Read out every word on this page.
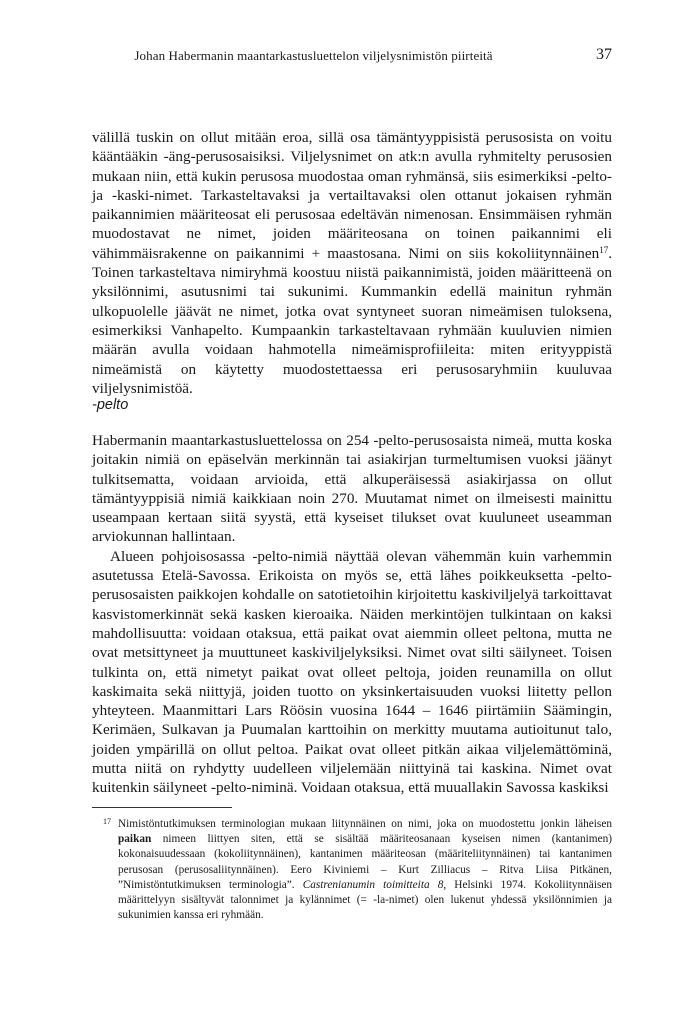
Johan Habermanin maantarkastusluettelon viljelysnimistön piirteitä	37

välillä tuskin on ollut mitään eroa, sillä osa tämäntyyppisistä perusosista on voitu kääntääkin -äng-perusosaisiksi. Viljelysnimet on atk:n avulla ryhmitelty perusosien mukaan niin, että kukin perusosa muodostaa oman ryhmänsä, siis esimerkiksi -pelto- ja -kaski-nimet. Tarkasteltavaksi ja vertailtavaksi olen ottanut jokaisen ryhmän paikannimien määriteosat eli perusosaa edeltävän nimenosan. Ensimmäisen ryhmän muodostavat ne nimet, joiden määriteosana on toinen paikannimi eli vähimmäisrakenne on paikannimi + maastosana. Nimi on siis kokoliitynnäinen$^{17}$. Toinen tarkasteltava nimiryhmä koostuu niistä paikannimistä, joiden määritteenä on yksilönnimi, asutusnimi tai sukunimi. Kummankin edellä mainitun ryhmän ulkopuolelle jäävät ne nimet, jotka ovat syntyneet suoran nimeämisen tuloksena, esimerkiksi Vanhapelto. Kumpaankin tarkasteltavaan ryhmään kuuluvien nimien määrän avulla voidaan hahmotella nimeämisprofiileita: miten erityyppistä nimeämistä on käytetty muodostettaessa eri perusosaryhmiin kuuluvaa viljelysnimistöä.

-pelto

Habermanin maantarkastusluettelossa on 254 -pelto-perusosaista nimeä, mutta koska joitakin nimiä on epäselvän merkinnän tai asiakirjan turmeltumisen vuoksi jäänyt tulkitsematta, voidaan arvioida, että alkuperäisessä asiakirjassa on ollut tämäntyyppisiä nimiä kaikkiaan noin 270. Muutamat nimet on ilmeisesti mainittu useampaan kertaan siitä syystä, että kyseiset tilukset ovat kuuluneet useamman arviokunnan hallintaan.

Alueen pohjoisosassa -pelto-nimiä näyttää olevan vähemmän kuin varhemmin asutetussa Etelä-Savossa. Erikoista on myös se, että lähes poikkeuksetta -pelto-perusosaisten paikkojen kohdalle on satotietoihin kirjoitettu kaskiviljelyä tarkoittavat kasvistomerkinnät sekä kasken kieroaika. Näiden merkintöjen tulkintaan on kaksi mahdollisuutta: voidaan otaksua, että paikat ovat aiemmin olleet peltona, mutta ne ovat metsittyneet ja muuttuneet kaskiviljelyksiksi. Nimet ovat silti säilyneet. Toisen tulkinta on, että nimetyt paikat ovat olleet peltoja, joiden reunamilla on ollut kaskimaita sekä niittyjä, joiden tuotto on yksinkertaisuuden vuoksi liitetty pellon yhteyteen. Maanmittari Lars Röösin vuosina 1644 – 1646 piirtämiin Säämingin, Kerimäen, Sulkavan ja Puumalan karttoihin on merkitty muutama autioitunut talo, joiden ympärillä on ollut peltoa. Paikat ovat olleet pitkän aikaa viljelemättöminä, mutta niitä on ryhdytty uudelleen viljelemään niittyinä tai kaskina. Nimet ovat kuitenkin säilyneet -pelto-niminä. Voidaan otaksua, että muuallakin Savossa kaskiksi

17 Nimistöntutkimuksen terminologian mukaan liitynnäinen on nimi, joka on muodostettu jonkin läheisen paikan nimeen liittyen siten, että se sisältää määriteosanaan kyseisen nimen (kantanimen) kokonaisuudessaan (kokoliitynnäinen), kantanimen määriteosan (määriteliitynnäinen) tai kantanimen perusosan (perusosaliitynnäinen). Eero Kiviniemi – Kurt Zilliacus – Ritva Liisa Pitkänen, ”Nimistöntutkimuksen terminologia”. Castrenianumin toimitteita 8, Helsinki 1974. Kokoliitynnäisen määrittelyyn sisältyvät talonnimet ja kylännimet (= -la-nimet) olen lukenut yhdessä yksilönnimien ja sukunimien kanssa eri ryhmään.
